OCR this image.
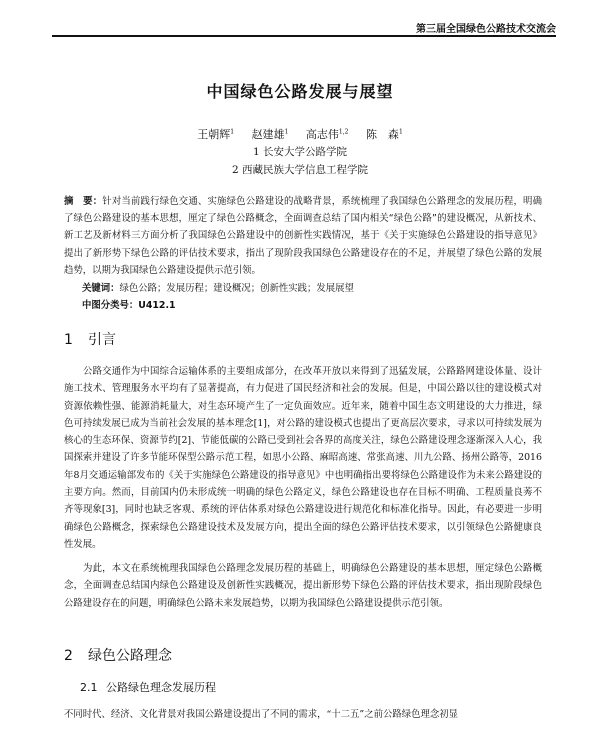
第三届全国绿色公路技术交流会
中国绿色公路发展与展望
王朝辉$^1$ 赵建雄$^1$ 高志伟$^{1,2}$ 陈　森$^1$
1 长安大学公路学院
2 西藏民族大学信息工程学院
摘　要：针对当前践行绿色交通、实施绿色公路建设的战略背景，系统梳理了我国绿色公路理念的发展历程，明确了绿色公路建设的基本思想，厘定了绿色公路概念，全面调查总结了国内相关“绿色公路”的建设概况，从新技术、新工艺及新材料三方面分析了我国绿色公路建设中的创新性实践情况，基于《关于实施绿色公路建设的指导意见》提出了新形势下绿色公路的评估技术要求，指出了现阶段我国绿色公路建设存在的不足，并展望了绿色公路的发展趋势，以期为我国绿色公路建设提供示范引领。
关键词：绿色公路；发展历程；建设概况；创新性实践；发展展望
中图分类号：U412.1
1 引言
公路交通作为中国综合运输体系的主要组成部分，在改革开放以来得到了迅猛发展，公路路网建设体量、设计施工技术、管理服务水平均有了显著提高，有力促进了国民经济和社会的发展。但是，中国公路以往的建设模式对资源依赖性强、能源消耗量大，对生态环境产生了一定负面效应。近年来，随着中国生态文明建设的大力推进，绿色可持续发展已成为当前社会发展的基本理念[1]，对公路的建设模式也提出了更高层次要求，寻求以可持续发展为核心的生态环保、资源节约[2]、节能低碳的公路已受到社会各界的高度关注，绿色公路建设理念逐渐深入人心，我国探索并建设了许多节能环保型公路示范工程，如思小公路、麻昭高速、常张高速、川九公路、扬州公路等，2016年8月交通运输部发布的《关于实施绿色公路建设的指导意见》中也明确指出要将绿色公路建设作为未来公路建设的主要方向。然而，目前国内仍未形成统一明确的绿色公路定义，绿色公路建设也存在目标不明确、工程质量良莠不齐等现象[3]，同时也缺乏客观、系统的评估体系对绿色公路建设进行规范化和标准化指导。因此，有必要进一步明确绿色公路概念，探索绿色公路建设技术及发展方向，提出全面的绿色公路评估技术要求，以引领绿色公路健康良性发展。
为此，本文在系统梳理我国绿色公路理念发展历程的基础上，明确绿色公路建设的基本思想，厘定绿色公路概念，全面调查总结国内绿色公路建设及创新性实践概况，提出新形势下绿色公路的评估技术要求，指出现阶段绿色公路建设存在的问题，明确绿色公路未来发展趋势，以期为我国绿色公路建设提供示范引领。
2 绿色公路理念
2.1 公路绿色理念发展历程
不同时代、经济、文化背景对我国公路建设提出了不同的需求，“十二五”之前公路绿色理念初显
